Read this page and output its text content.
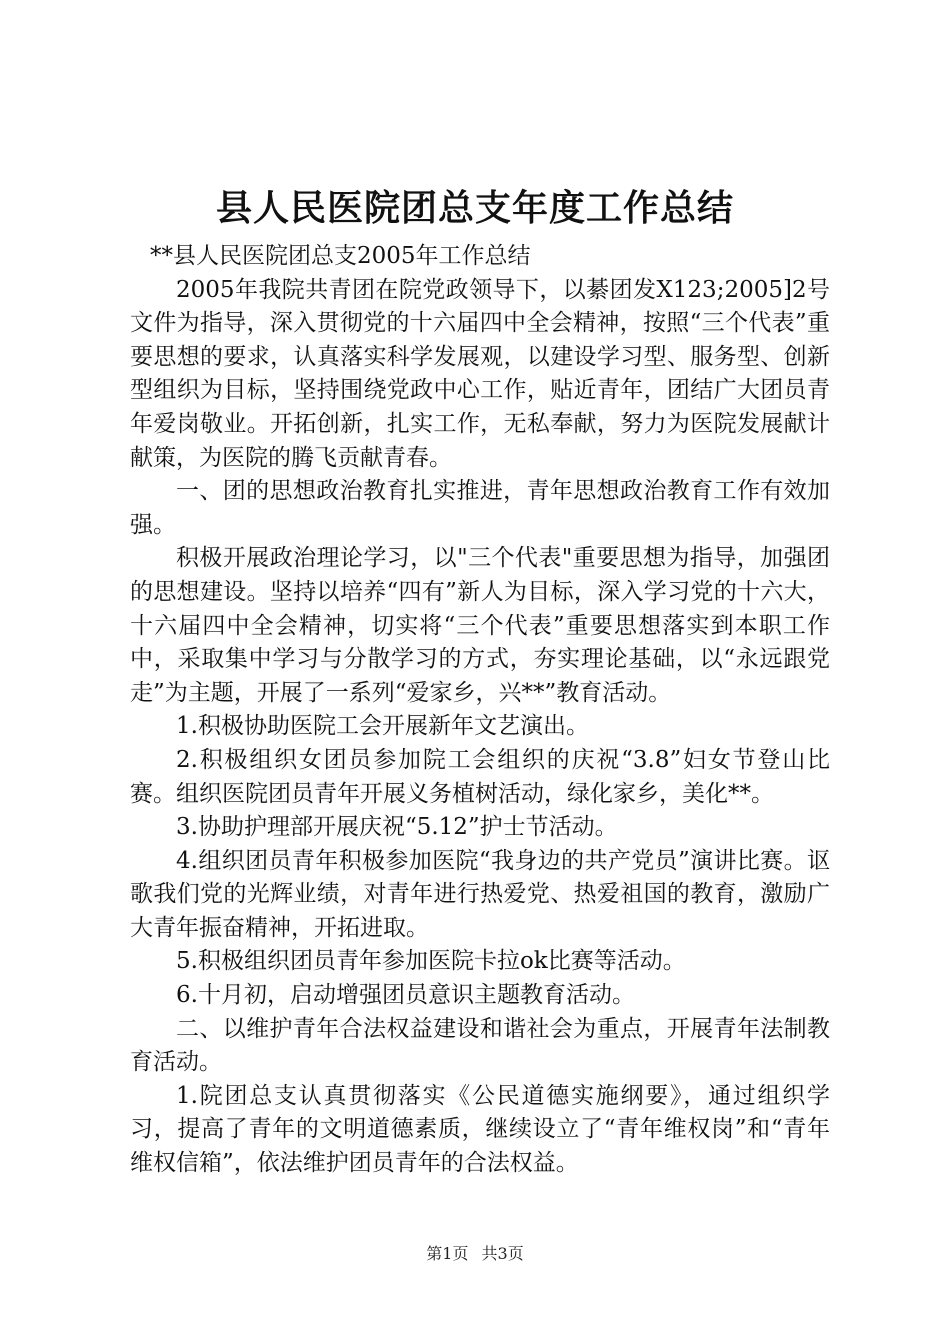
县人民医院团总支年度工作总结

**县人民医院团总支2005年工作总结

2005年我院共青团在院党政领导下，以綦团发X123;2005]2号文件为指导，深入贯彻党的十六届四中全会精神，按照“三个代表”重要思想的要求，认真落实科学发展观，以建设学习型、服务型、创新型组织为目标，坚持围绕党政中心工作，贴近青年，团结广大团员青年爱岗敬业。开拓创新，扎实工作，无私奉献，努力为医院发展献计献策，为医院的腾飞贡献青春。

一、团的思想政治教育扎实推进，青年思想政治教育工作有效加强。

积极开展政治理论学习，以"三个代表"重要思想为指导，加强团的思想建设。坚持以培养“四有”新人为目标，深入学习党的十六大，十六届四中全会精神，切实将“三个代表”重要思想落实到本职工作中，采取集中学习与分散学习的方式，夯实理论基础，以“永远跟党走”为主题，开展了一系列“爱家乡，兴**”教育活动。

1.积极协助医院工会开展新年文艺演出。

2.积极组织女团员参加院工会组织的庆祝“3.8”妇女节登山比赛。组织医院团员青年开展义务植树活动，绿化家乡，美化**。

3.协助护理部开展庆祝“5.12”护士节活动。

4.组织团员青年积极参加医院“我身边的共产党员”演讲比赛。讴歌我们党的光辉业绩，对青年进行热爱党、热爱祖国的教育，激励广大青年振奋精神，开拓进取。

5.积极组织团员青年参加医院卡拉ok比赛等活动。

6.十月初，启动增强团员意识主题教育活动。

二、以维护青年合法权益建设和谐社会为重点，开展青年法制教育活动。

1.院团总支认真贯彻落实《公民道德实施纲要》，通过组织学习，提高了青年的文明道德素质，继续设立了“青年维权岗”和“青年维权信箱”，依法维护团员青年的合法权益。

第1页 共3页
